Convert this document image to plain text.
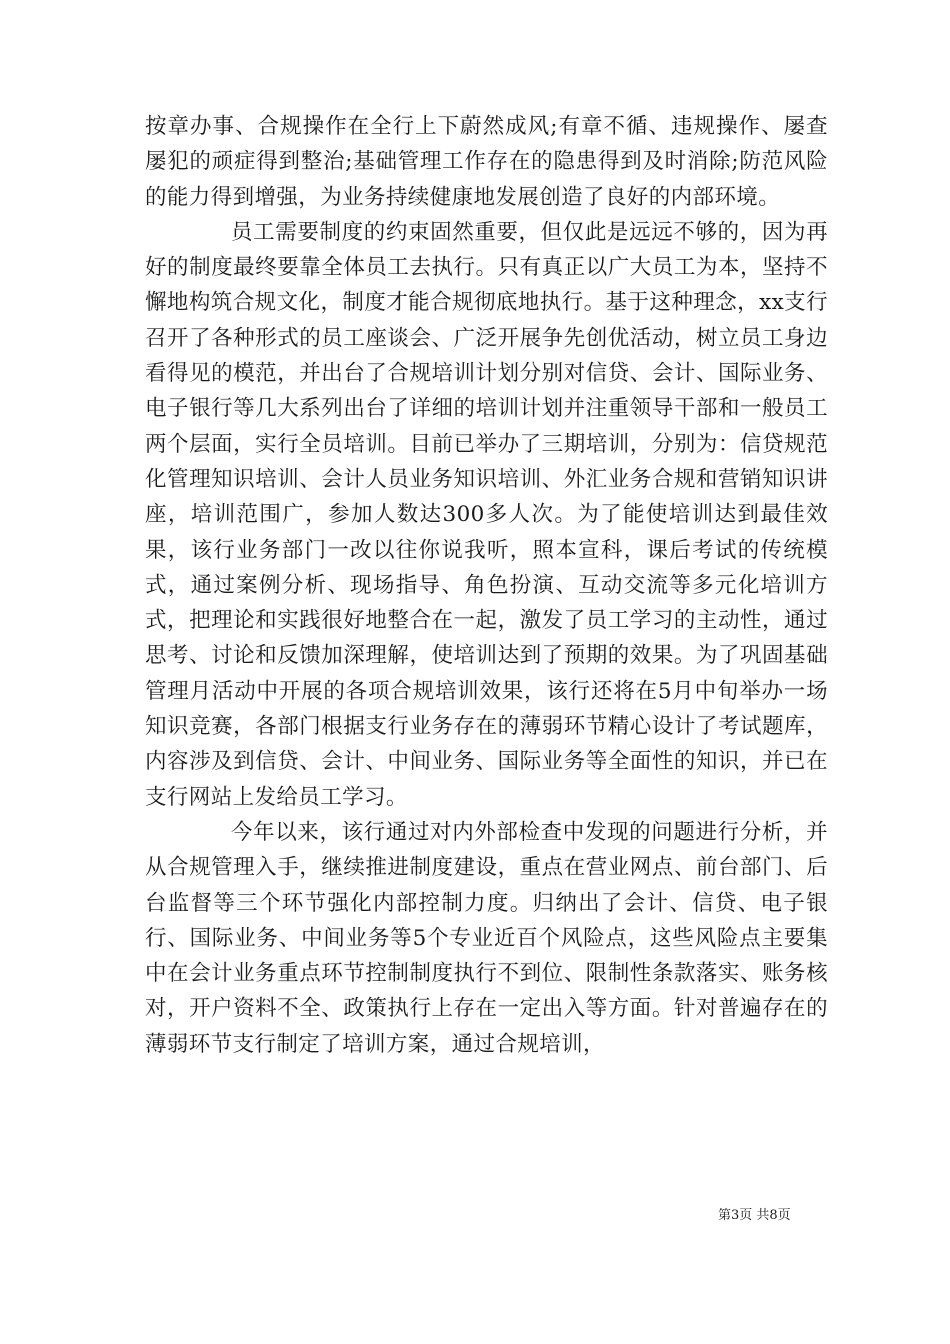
按章办事、合规操作在全行上下蔚然成风;有章不循、违规操作、屡查屡犯的顽症得到整治;基础管理工作存在的隐患得到及时消除;防范风险的能力得到增强，为业务持续健康地发展创造了良好的内部环境。

员工需要制度的约束固然重要，但仅此是远远不够的，因为再好的制度最终要靠全体员工去执行。只有真正以广大员工为本，坚持不懈地构筑合规文化，制度才能合规彻底地执行。基于这种理念，xx支行召开了各种形式的员工座谈会、广泛开展争先创优活动，树立员工身边看得见的模范，并出台了合规培训计划分别对信贷、会计、国际业务、电子银行等几大系列出台了详细的培训计划并注重领导干部和一般员工两个层面，实行全员培训。目前已举办了三期培训，分别为：信贷规范化管理知识培训、会计人员业务知识培训、外汇业务合规和营销知识讲座，培训范围广，参加人数达300多人次。为了能使培训达到最佳效果，该行业务部门一改以往你说我听，照本宣科，课后考试的传统模式，通过案例分析、现场指导、角色扮演、互动交流等多元化培训方式，把理论和实践很好地整合在一起，激发了员工学习的主动性，通过思考、讨论和反馈加深理解，使培训达到了预期的效果。为了巩固基础管理月活动中开展的各项合规培训效果，该行还将在5月中旬举办一场知识竞赛，各部门根据支行业务存在的薄弱环节精心设计了考试题库，内容涉及到信贷、会计、中间业务、国际业务等全面性的知识，并已在支行网站上发给员工学习。

今年以来，该行通过对内外部检查中发现的问题进行分析，并从合规管理入手，继续推进制度建设，重点在营业网点、前台部门、后台监督等三个环节强化内部控制力度。归纳出了会计、信贷、电子银行、国际业务、中间业务等5个专业近百个风险点，这些风险点主要集中在会计业务重点环节控制制度执行不到位、限制性条款落实、账务核对，开户资料不全、政策执行上存在一定出入等方面。针对普遍存在的薄弱环节支行制定了培训方案，通过合规培训，

第3页 共8页
